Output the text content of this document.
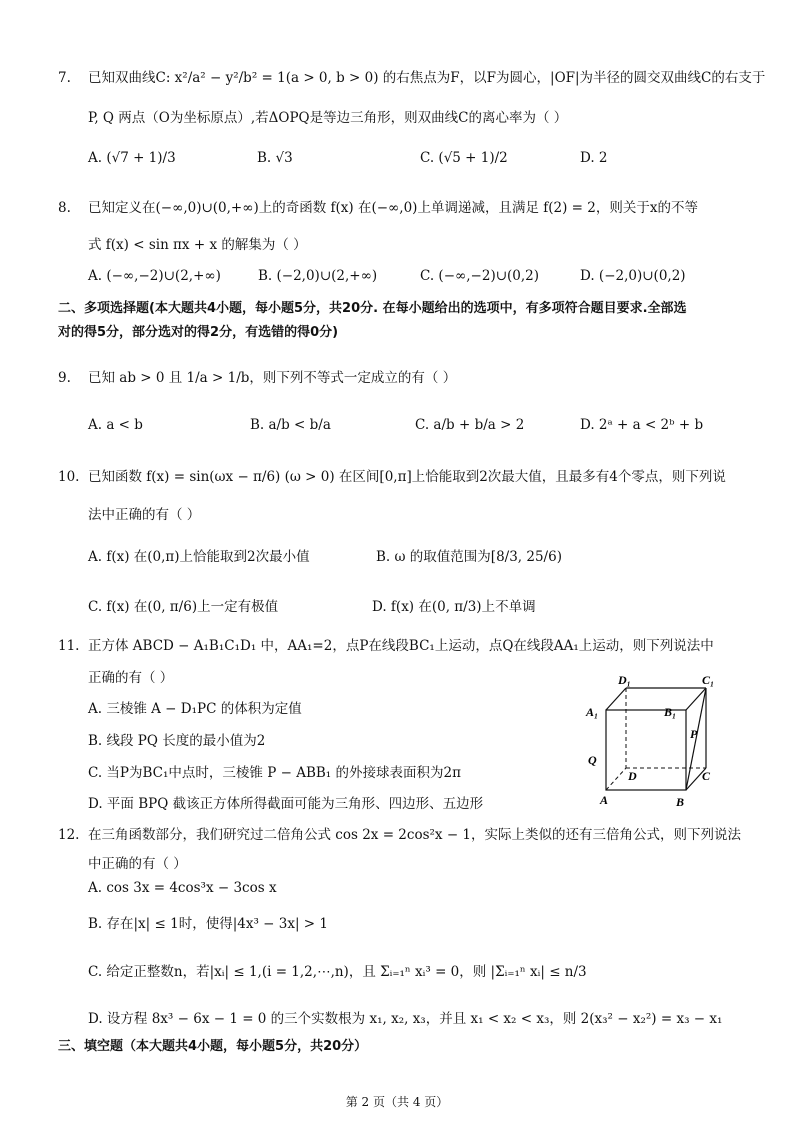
7. 已知双曲线C: x²/a² − y²/b² = 1(a > 0, b > 0) 的右焦点为F，以F为圆心，|OF|为半径的圆交双曲线C的右支于
P, Q 两点（O为坐标原点）,若ΔOPQ是等边三角形，则双曲线C的离心率为（ ）
A. (√7 + 1)/3	B. √3	C. (√5 + 1)/2	D. 2
8. 已知定义在(−∞,0)∪(0,+∞)上的奇函数 f(x) 在(−∞,0)上单调递减，且满足 f(2) = 2，则关于x的不等
式 f(x) < sin πx + x 的解集为（ ）
A. (−∞,−2)∪(2,+∞)	B. (−2,0)∪(2,+∞)	C. (−∞,−2)∪(0,2)	D. (−2,0)∪(0,2)
二、多项选择题(本大题共4小题，每小题5分，共20分. 在每小题给出的选项中，有多项符合题目要求.全部选
对的得5分，部分选对的得2分，有选错的得0分)
9. 已知 ab > 0 且 1/a > 1/b，则下列不等式一定成立的有（ ）
A. a < b	B. a/b < b/a	C. a/b + b/a > 2	D. 2ᵃ + a < 2ᵇ + b
10. 已知函数 f(x) = sin(ωx − π/6) (ω > 0) 在区间[0,π]上恰能取到2次最大值，且最多有4个零点，则下列说
法中正确的有（ ）
A. f(x) 在(0,π)上恰能取到2次最小值	B. ω 的取值范围为[8/3, 25/6)
C. f(x) 在(0, π/6)上一定有极值	D. f(x) 在(0, π/3)上不单调
11. 正方体 ABCD − A₁B₁C₁D₁ 中，AA₁=2，点P在线段BC₁上运动，点Q在线段AA₁上运动，则下列说法中
正确的有（ ）
A. 三棱锥 A − D₁PC 的体积为定值
B. 线段 PQ 长度的最小值为2
C. 当P为BC₁中点时，三棱锥 P − ABB₁ 的外接球表面积为2π
D. 平面 BPQ 截该正方体所得截面可能为三角形、四边形、五边形
D₁	C₁
A₁	B₁
P
Q
D	C
A	B
12. 在三角函数部分，我们研究过二倍角公式 cos 2x = 2cos²x − 1，实际上类似的还有三倍角公式，则下列说法
中正确的有（ ）
A. cos 3x = 4cos³x − 3cos x
B. 存在|x| ≤ 1时，使得|4x³ − 3x| > 1
C. 给定正整数n，若|xᵢ| ≤ 1,(i = 1,2,⋯,n)，且 Σᵢ₌₁ⁿ xᵢ³ = 0，则 |Σᵢ₌₁ⁿ xᵢ| ≤ n/3
D. 设方程 8x³ − 6x − 1 = 0 的三个实数根为 x₁, x₂, x₃，并且 x₁ < x₂ < x₃，则 2(x₃² − x₂²) = x₃ − x₁
三、填空题（本大题共4小题，每小题5分，共20分）
第 2 页（共 4 页）
